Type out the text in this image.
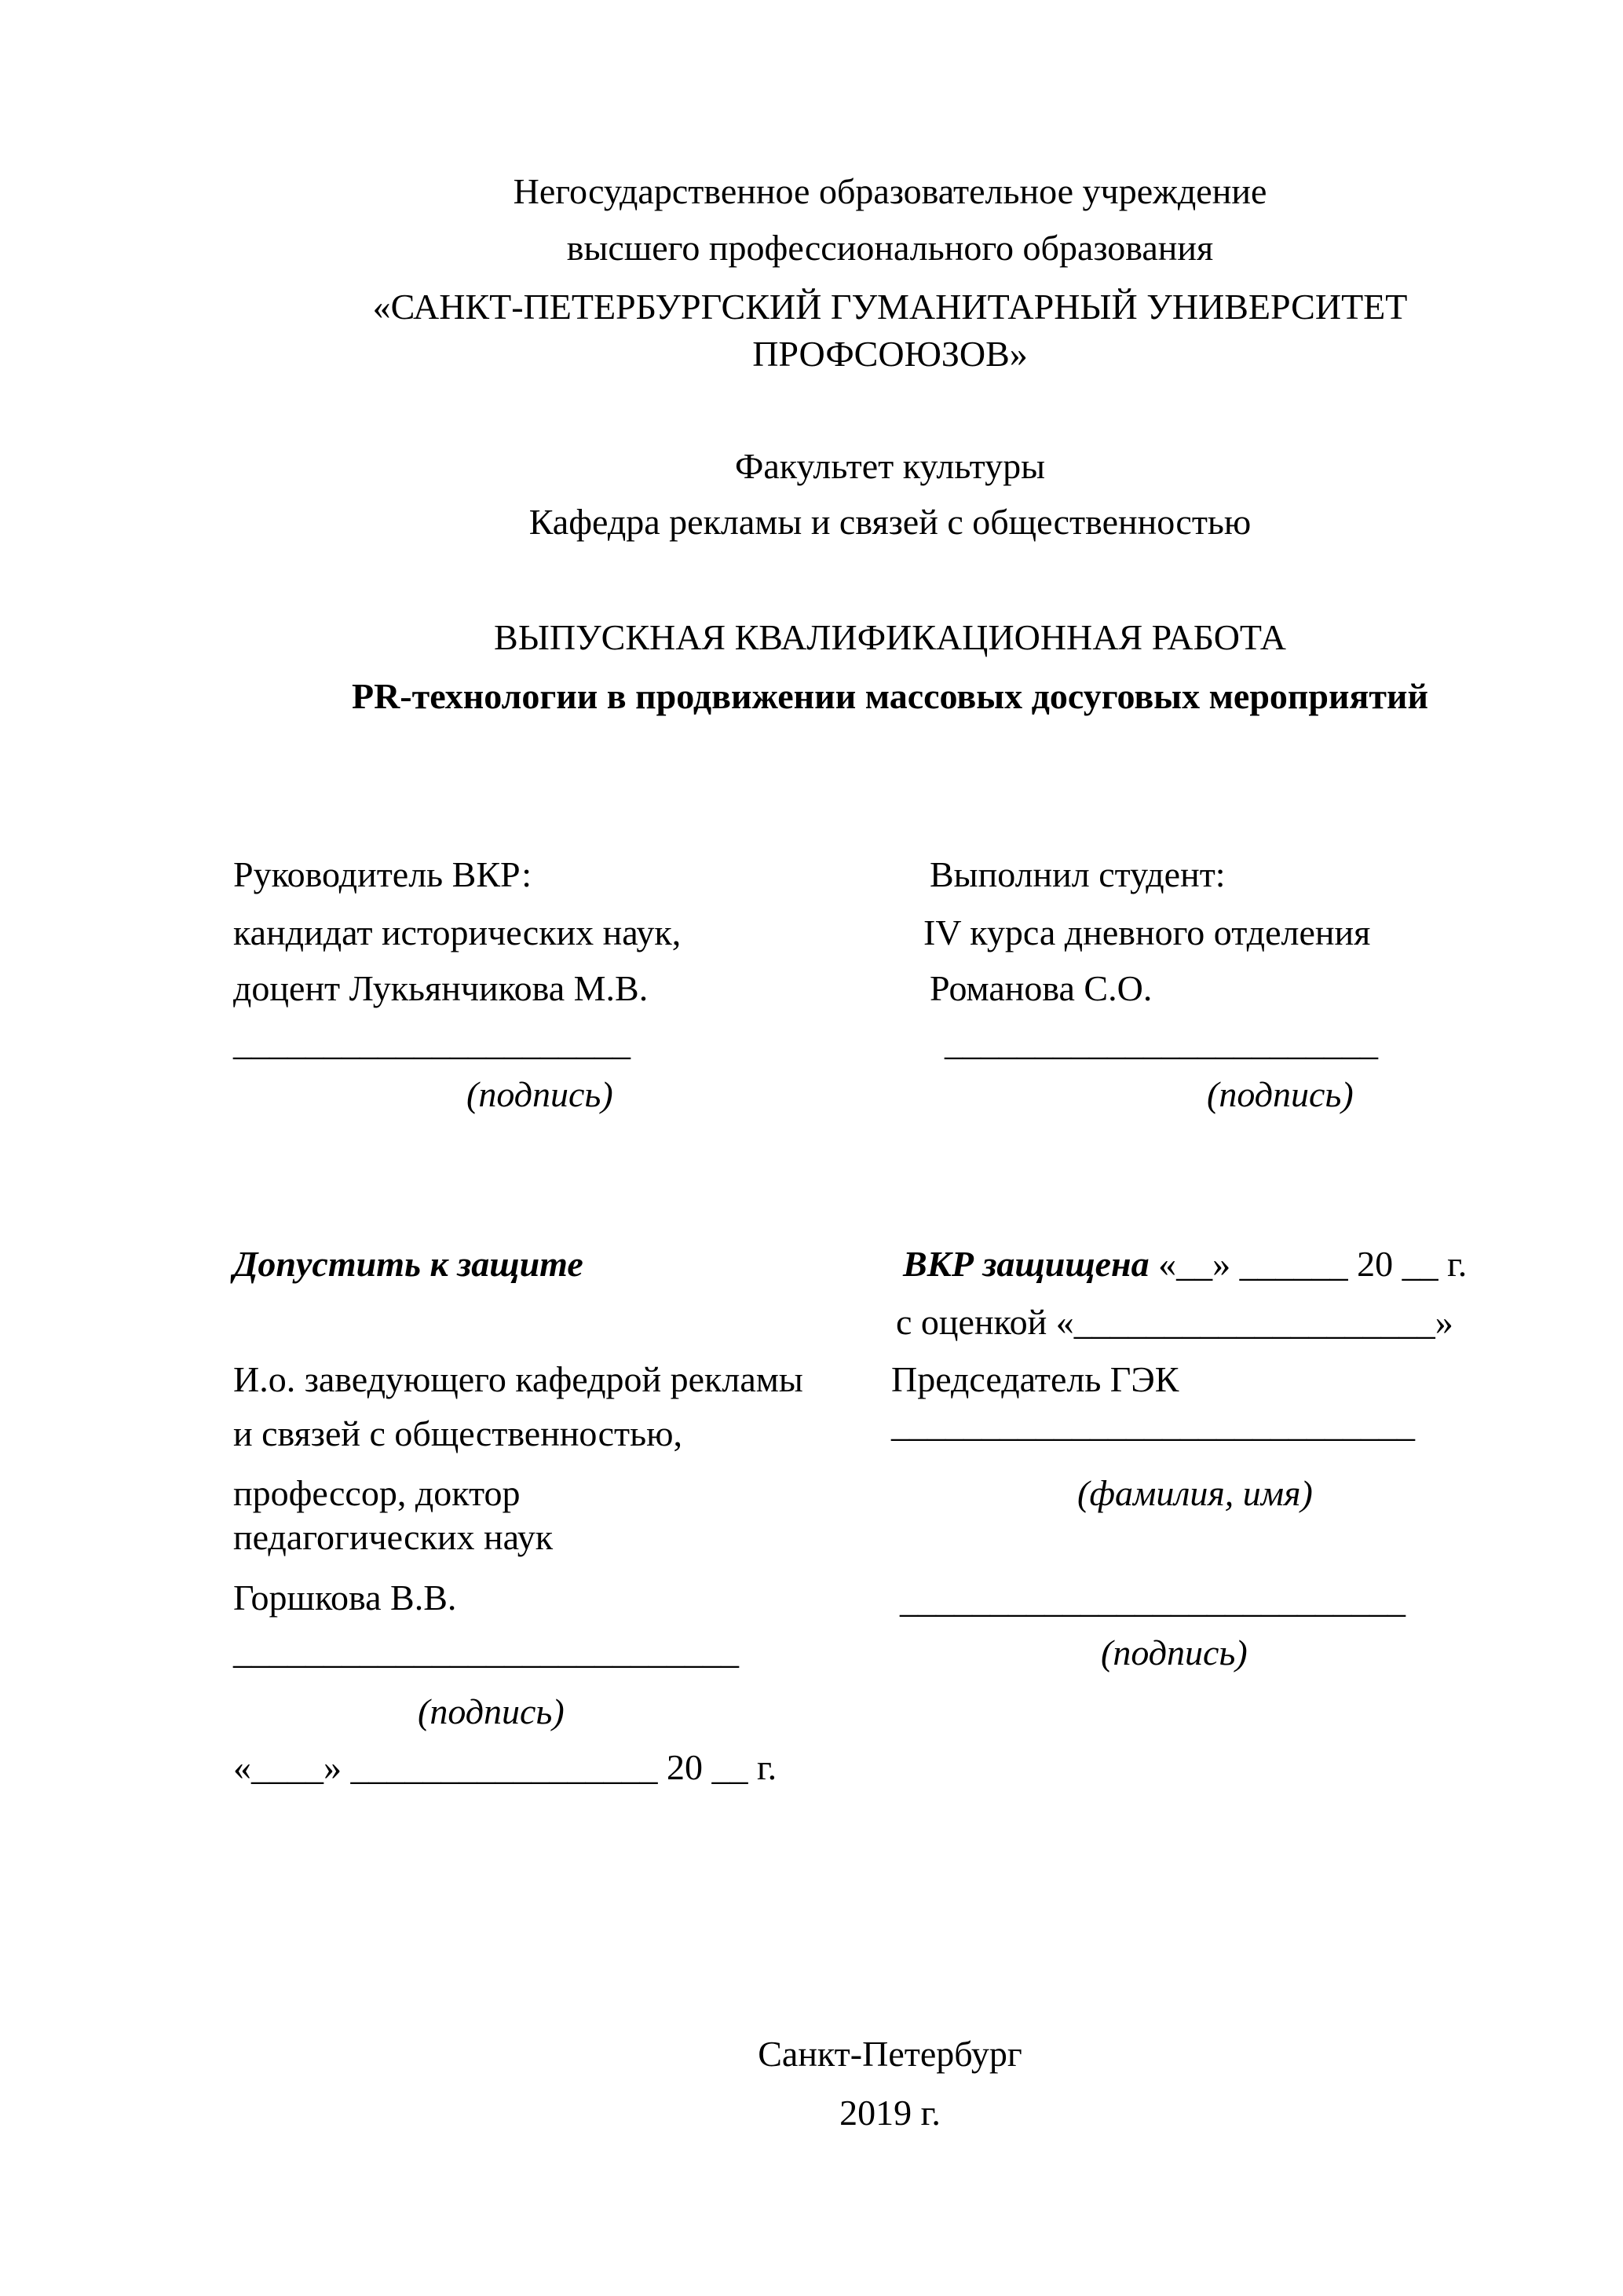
Негосударственное образовательное учреждение
высшего профессионального образования
«САНКТ-ПЕТЕРБУРГСКИЙ ГУМАНИТАРНЫЙ УНИВЕРСИТЕТ
ПРОФСОЮЗОВ»
Факультет культуры
Кафедра рекламы и связей с общественностью
ВЫПУСКНАЯ КВАЛИФИКАЦИОННАЯ РАБОТА
PR-технологии в продвижении массовых досуговых мероприятий
Руководитель ВКР:
кандидат исторических наук,
доцент Лукьянчикова М.В.
______________________
(подпись)
Выполнил студент:
IV курса дневного отделения
Романова С.О.
________________________
(подпись)
Допустить к защите
И.о. заведующего кафедрой рекламы
и связей с общественностью,
профессор, доктор
педагогических наук
Горшкова В.В.
____________________________
(подпись)
«____» _________________ 20 __ г.
ВКР защищена «__» ______ 20 __ г.
с оценкой «____________________»
Председатель ГЭК
_____________________________
(фамилия, имя)
____________________________
(подпись)
Санкт-Петербург
2019 г.
